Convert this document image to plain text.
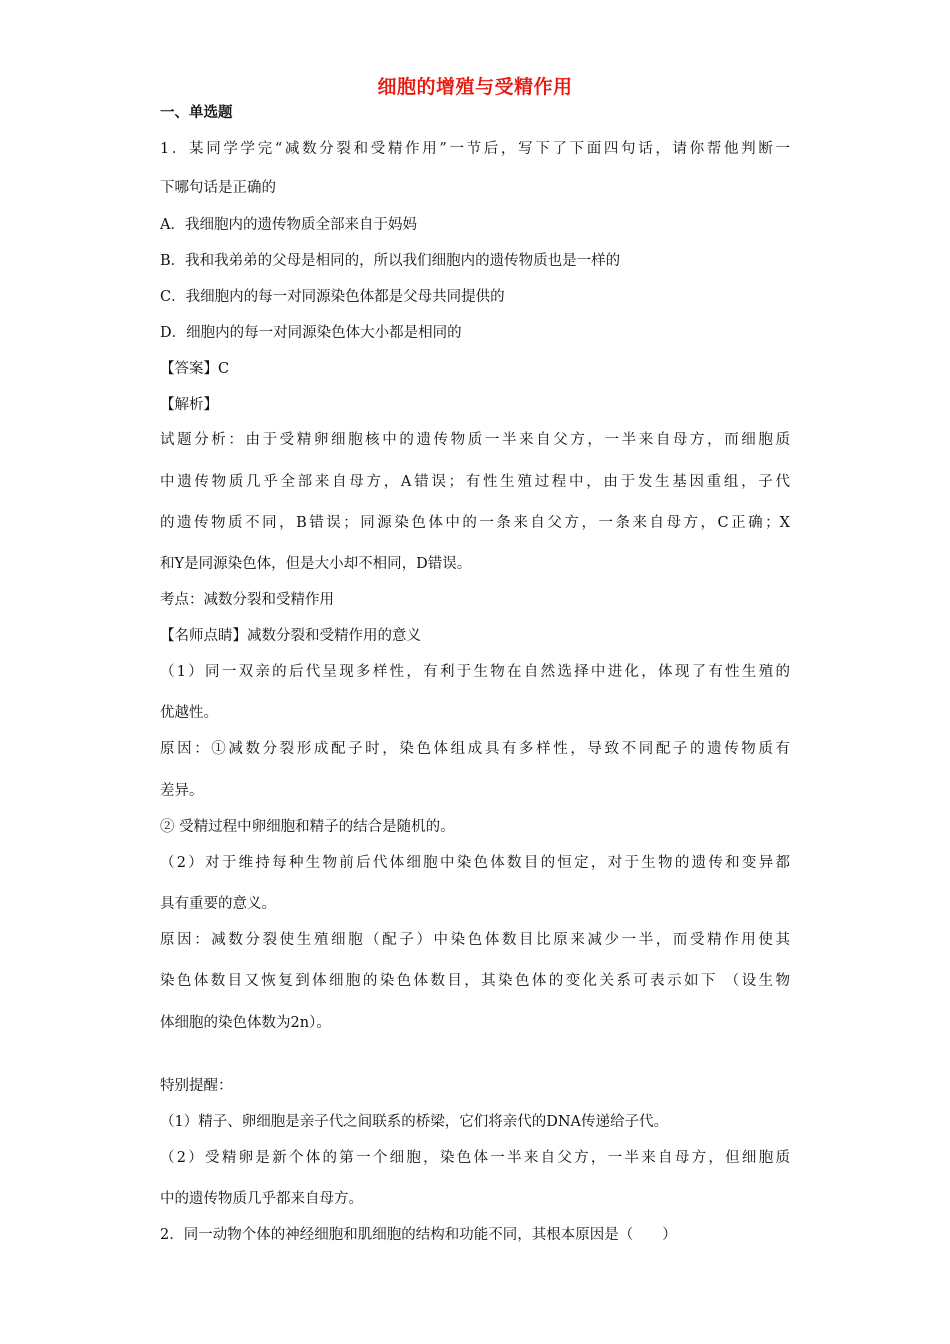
细胞的增殖与受精作用
一、单选题
1．某同学学完“减数分裂和受精作用”一节后，写下了下面四句话，请你帮他判断一
下哪句话是正确的
A．我细胞内的遗传物质全部来自于妈妈
B．我和我弟弟的父母是相同的，所以我们细胞内的遗传物质也是一样的
C．我细胞内的每一对同源染色体都是父母共同提供的
D．细胞内的每一对同源染色体大小都是相同的
【答案】C
【解析】
试题分析：由于受精卵细胞核中的遗传物质一半来自父方，一半来自母方，而细胞质
中遗传物质几乎全部来自母方，A错误；有性生殖过程中，由于发生基因重组，子代
的遗传物质不同，B错误；同源染色体中的一条来自父方，一条来自母方，C正确；X
和Y是同源染色体，但是大小却不相同，D错误。
考点：减数分裂和受精作用
【名师点睛】减数分裂和受精作用的意义
（1）同一双亲的后代呈现多样性，有利于生物在自然选择中进化，体现了有性生殖的
优越性。
原因：①减数分裂形成配子时，染色体组成具有多样性，导致不同配子的遗传物质有
差异。
② 受精过程中卵细胞和精子的结合是随机的。
（2）对于维持每种生物前后代体细胞中染色体数目的恒定，对于生物的遗传和变异都
具有重要的意义。
原因：减数分裂使生殖细胞（配子）中染色体数目比原来减少一半，而受精作用使其
染色体数目又恢复到体细胞的染色体数目，其染色体的变化关系可表示如下 （设生物
体细胞的染色体数为2n）。
特别提醒：
（1）精子、卵细胞是亲子代之间联系的桥梁，它们将亲代的DNA传递给子代。
（2）受精卵是新个体的第一个细胞，染色体一半来自父方，一半来自母方，但细胞质
中的遗传物质几乎都来自母方。
2．同一动物个体的神经细胞和肌细胞的结构和功能不同，其根本原因是（　　）
